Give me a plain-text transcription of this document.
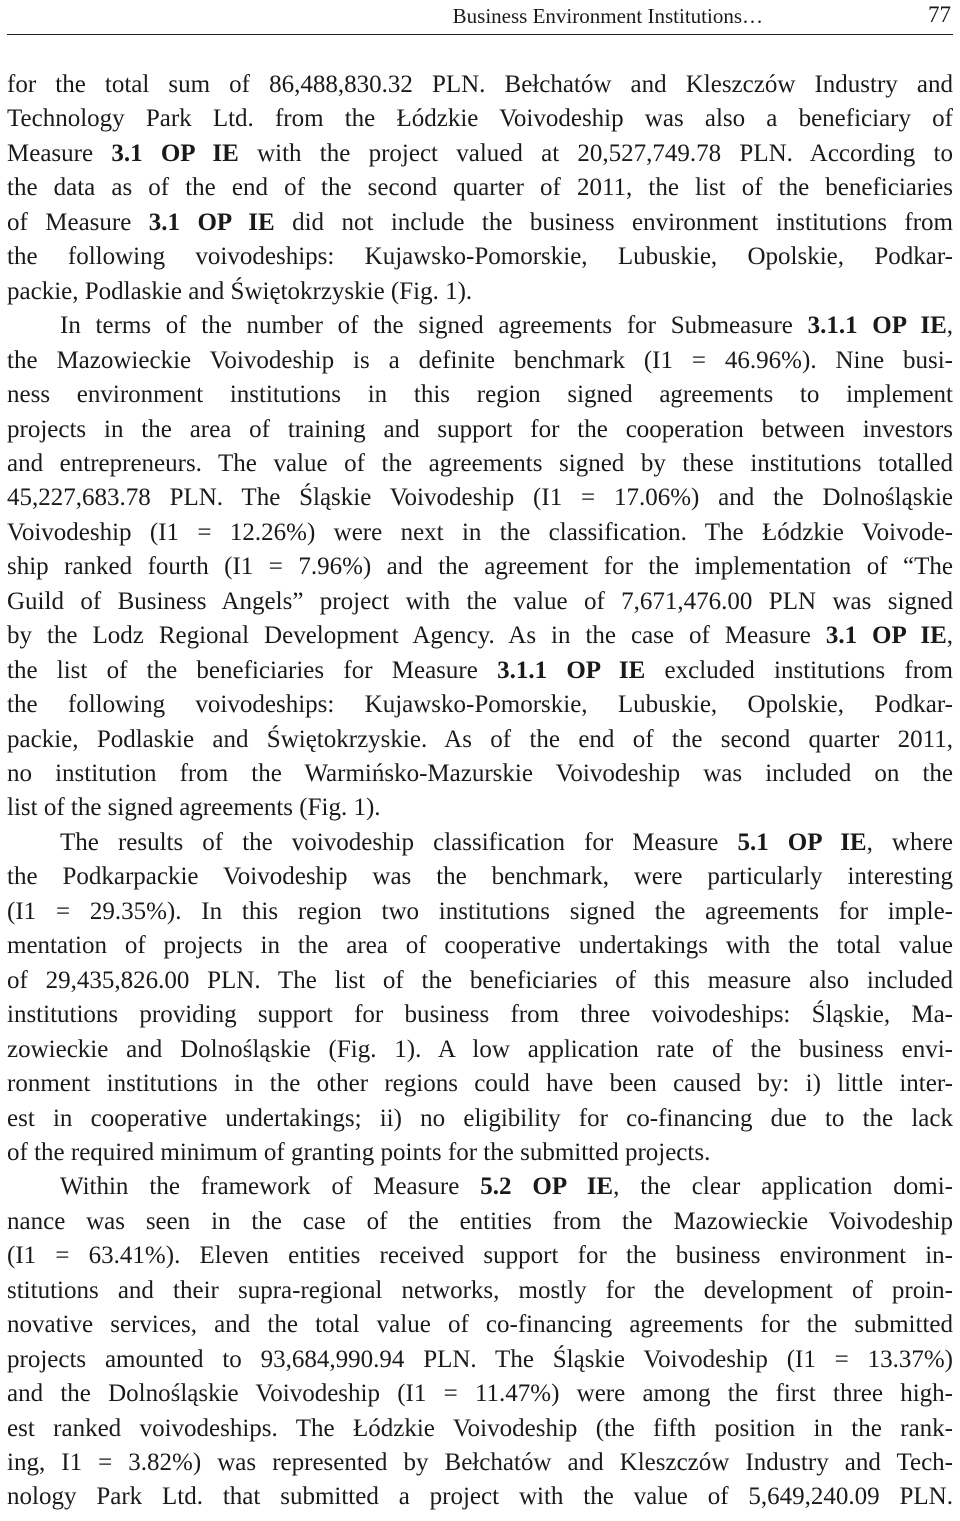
Business Environment Institutions…	77
for the total sum of 86,488,830.32 PLN. Bełchatów and Kleszczów Industry and
Technology Park Ltd. from the Łódzkie Voivodeship was also a beneficiary of
Measure 3.1 OP IE with the project valued at 20,527,749.78 PLN. According to
the data as of the end of the second quarter of 2011, the list of the beneficiaries
of Measure 3.1 OP IE did not include the business environment institutions from
the following voivodeships: Kujawsko-Pomorskie, Lubuskie, Opolskie, Podkar-
packie, Podlaskie and Świętokrzyskie (Fig. 1).
In terms of the number of the signed agreements for Submeasure 3.1.1 OP IE,
the Mazowieckie Voivodeship is a definite benchmark (I1 = 46.96%). Nine busi-
ness environment institutions in this region signed agreements to implement
projects in the area of training and support for the cooperation between investors
and entrepreneurs. The value of the agreements signed by these institutions totalled
45,227,683.78 PLN. The Śląskie Voivodeship (I1 = 17.06%) and the Dolnośląskie
Voivodeship (I1 = 12.26%) were next in the classification. The Łódzkie Voivode-
ship ranked fourth (I1 = 7.96%) and the agreement for the implementation of “The
Guild of Business Angels” project with the value of 7,671,476.00 PLN was signed
by the Lodz Regional Development Agency. As in the case of Measure 3.1 OP IE,
the list of the beneficiaries for Measure 3.1.1 OP IE excluded institutions from
the following voivodeships: Kujawsko-Pomorskie, Lubuskie, Opolskie, Podkar-
packie, Podlaskie and Świętokrzyskie. As of the end of the second quarter 2011,
no institution from the Warmińsko-Mazurskie Voivodeship was included on the
list of the signed agreements (Fig. 1).
The results of the voivodeship classification for Measure 5.1 OP IE, where
the Podkarpackie Voivodeship was the benchmark, were particularly interesting
(I1 = 29.35%). In this region two institutions signed the agreements for imple-
mentation of projects in the area of cooperative undertakings with the total value
of 29,435,826.00 PLN. The list of the beneficiaries of this measure also included
institutions providing support for business from three voivodeships: Śląskie, Ma-
zowieckie and Dolnośląskie (Fig. 1). A low application rate of the business envi-
ronment institutions in the other regions could have been caused by: i) little inter-
est in cooperative undertakings; ii) no eligibility for co-financing due to the lack
of the required minimum of granting points for the submitted projects.
Within the framework of Measure 5.2 OP IE, the clear application domi-
nance was seen in the case of the entities from the Mazowieckie Voivodeship
(I1 = 63.41%). Eleven entities received support for the business environment in-
stitutions and their supra-regional networks, mostly for the development of proin-
novative services, and the total value of co-financing agreements for the submitted
projects amounted to 93,684,990.94 PLN. The Śląskie Voivodeship (I1 = 13.37%)
and the Dolnośląskie Voivodeship (I1 = 11.47%) were among the first three high-
est ranked voivodeships. The Łódzkie Voivodeship (the fifth position in the rank-
ing, I1 = 3.82%) was represented by Bełchatów and Kleszczów Industry and Tech-
nology Park Ltd. that submitted a project with the value of 5,649,240.09 PLN.
